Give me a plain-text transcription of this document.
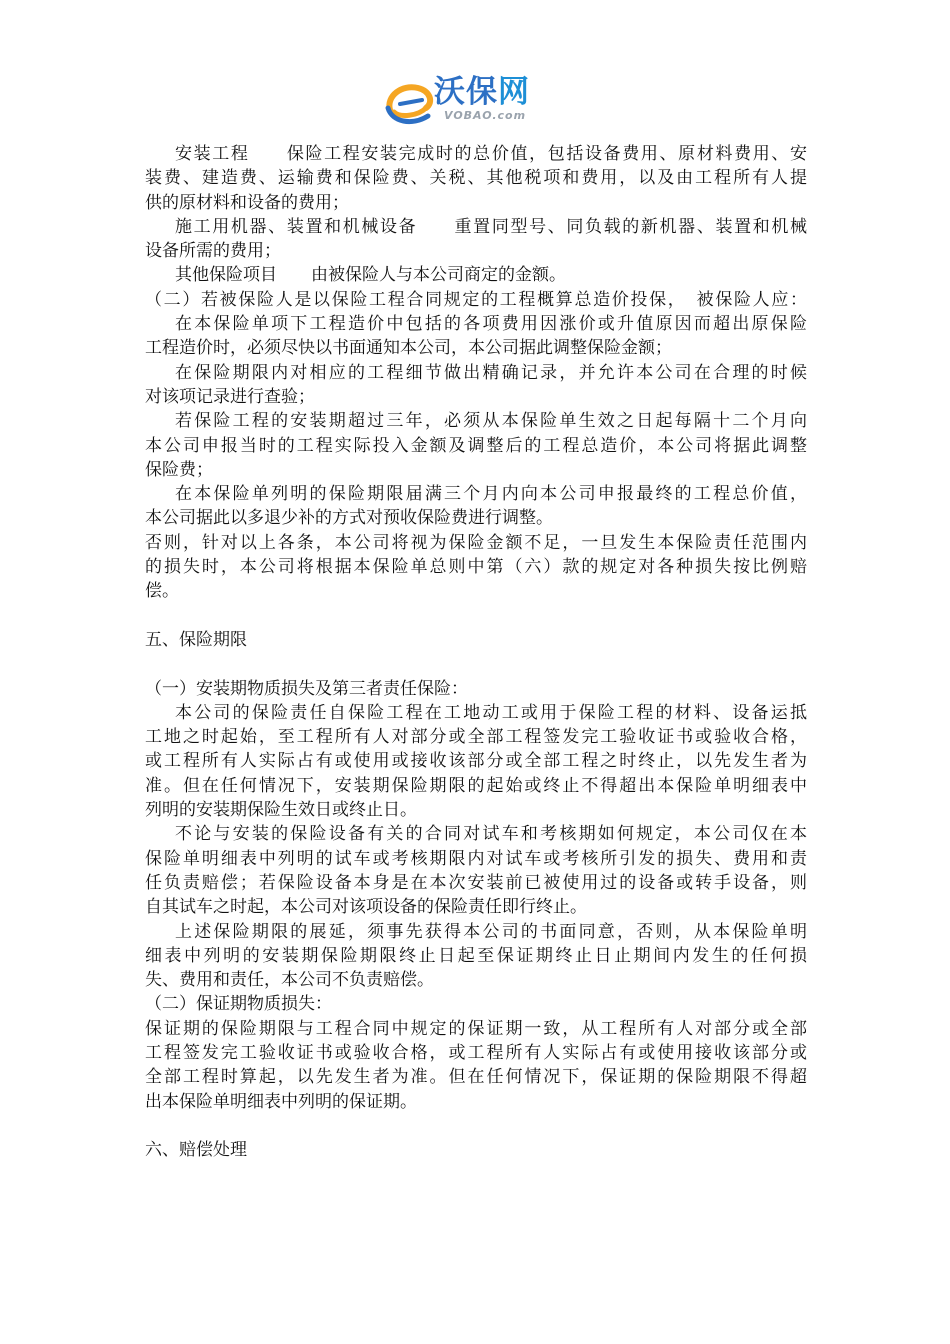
沃保网
VOBAO.com
安装工程　　保险工程安装完成时的总价值，包括设备费用、原材料费用、安
装费、建造费、运输费和保险费、关税、其他税项和费用，以及由工程所有人提
供的原材料和设备的费用；
施工用机器、装置和机械设备　　重置同型号、同负载的新机器、装置和机械
设备所需的费用；
其他保险项目　　由被保险人与本公司商定的金额。
（二）若被保险人是以保险工程合同规定的工程概算总造价投保，　被保险人应：
在本保险单项下工程造价中包括的各项费用因涨价或升值原因而超出原保险
工程造价时，必须尽快以书面通知本公司，本公司据此调整保险金额；
在保险期限内对相应的工程细节做出精确记录，并允许本公司在合理的时候
对该项记录进行查验；
若保险工程的安装期超过三年，必须从本保险单生效之日起每隔十二个月向
本公司申报当时的工程实际投入金额及调整后的工程总造价，本公司将据此调整
保险费；
在本保险单列明的保险期限届满三个月内向本公司申报最终的工程总价值，
本公司据此以多退少补的方式对预收保险费进行调整。
否则，针对以上各条，本公司将视为保险金额不足，一旦发生本保险责任范围内
的损失时，本公司将根据本保险单总则中第（六）款的规定对各种损失按比例赔
偿。
五、保险期限
（一）安装期物质损失及第三者责任保险：
本公司的保险责任自保险工程在工地动工或用于保险工程的材料、设备运抵
工地之时起始，至工程所有人对部分或全部工程签发完工验收证书或验收合格，
或工程所有人实际占有或使用或接收该部分或全部工程之时终止，以先发生者为
准。但在任何情况下，安装期保险期限的起始或终止不得超出本保险单明细表中
列明的安装期保险生效日或终止日。
不论与安装的保险设备有关的合同对试车和考核期如何规定，本公司仅在本
保险单明细表中列明的试车或考核期限内对试车或考核所引发的损失、费用和责
任负责赔偿；若保险设备本身是在本次安装前已被使用过的设备或转手设备，则
自其试车之时起，本公司对该项设备的保险责任即行终止。
上述保险期限的展延，须事先获得本公司的书面同意，否则，从本保险单明
细表中列明的安装期保险期限终止日起至保证期终止日止期间内发生的任何损
失、费用和责任，本公司不负责赔偿。
（二）保证期物质损失：
保证期的保险期限与工程合同中规定的保证期一致，从工程所有人对部分或全部
工程签发完工验收证书或验收合格，或工程所有人实际占有或使用接收该部分或
全部工程时算起，以先发生者为准。但在任何情况下，保证期的保险期限不得超
出本保险单明细表中列明的保证期。
六、赔偿处理
